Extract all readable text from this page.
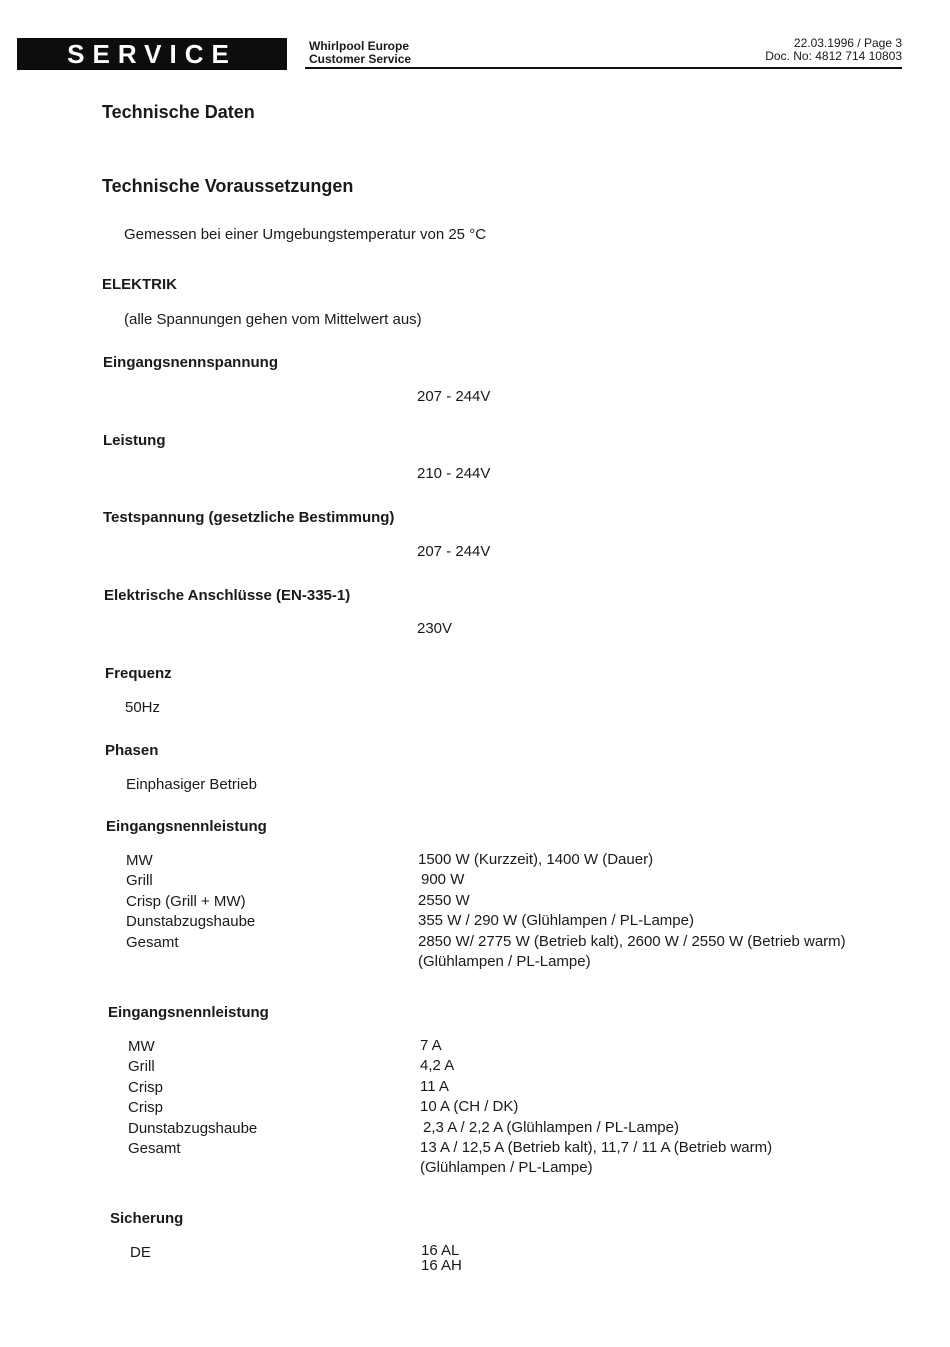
SERVICE	Whirlpool Europe
Customer Service
22.03.1996 / Page 3
Doc. No: 4812 714 10803
Technische Daten
Technische Voraussetzungen
Gemessen bei einer Umgebungstemperatur von 25 °C
ELEKTRIK
(alle Spannungen gehen vom Mittelwert aus)
Eingangsnennspannung
207 - 244V
Leistung
210 - 244V
Testspannung (gesetzliche Bestimmung)
207 - 244V
Elektrische Anschlüsse (EN-335-1)
230V
Frequenz
50Hz
Phasen
Einphasiger Betrieb
Eingangsnennleistung
MW
Grill
Crisp (Grill + MW)
Dunstabzugshaube
Gesamt
1500 W (Kurzzeit), 1400 W (Dauer)
900 W
2550 W
355 W / 290 W (Glühlampen / PL-Lampe)
2850 W/ 2775 W (Betrieb kalt), 2600 W / 2550 W (Betrieb warm)
(Glühlampen / PL-Lampe)
Eingangsnennleistung
MW
Grill
Crisp
Crisp
Dunstabzugshaube
Gesamt
7 A
4,2 A
11 A
10 A (CH / DK)
2,3 A / 2,2 A (Glühlampen / PL-Lampe)
13 A / 12,5 A (Betrieb kalt), 11,7 / 11 A (Betrieb warm)
(Glühlampen / PL-Lampe)
Sicherung
DE	16 AL
16 AH
